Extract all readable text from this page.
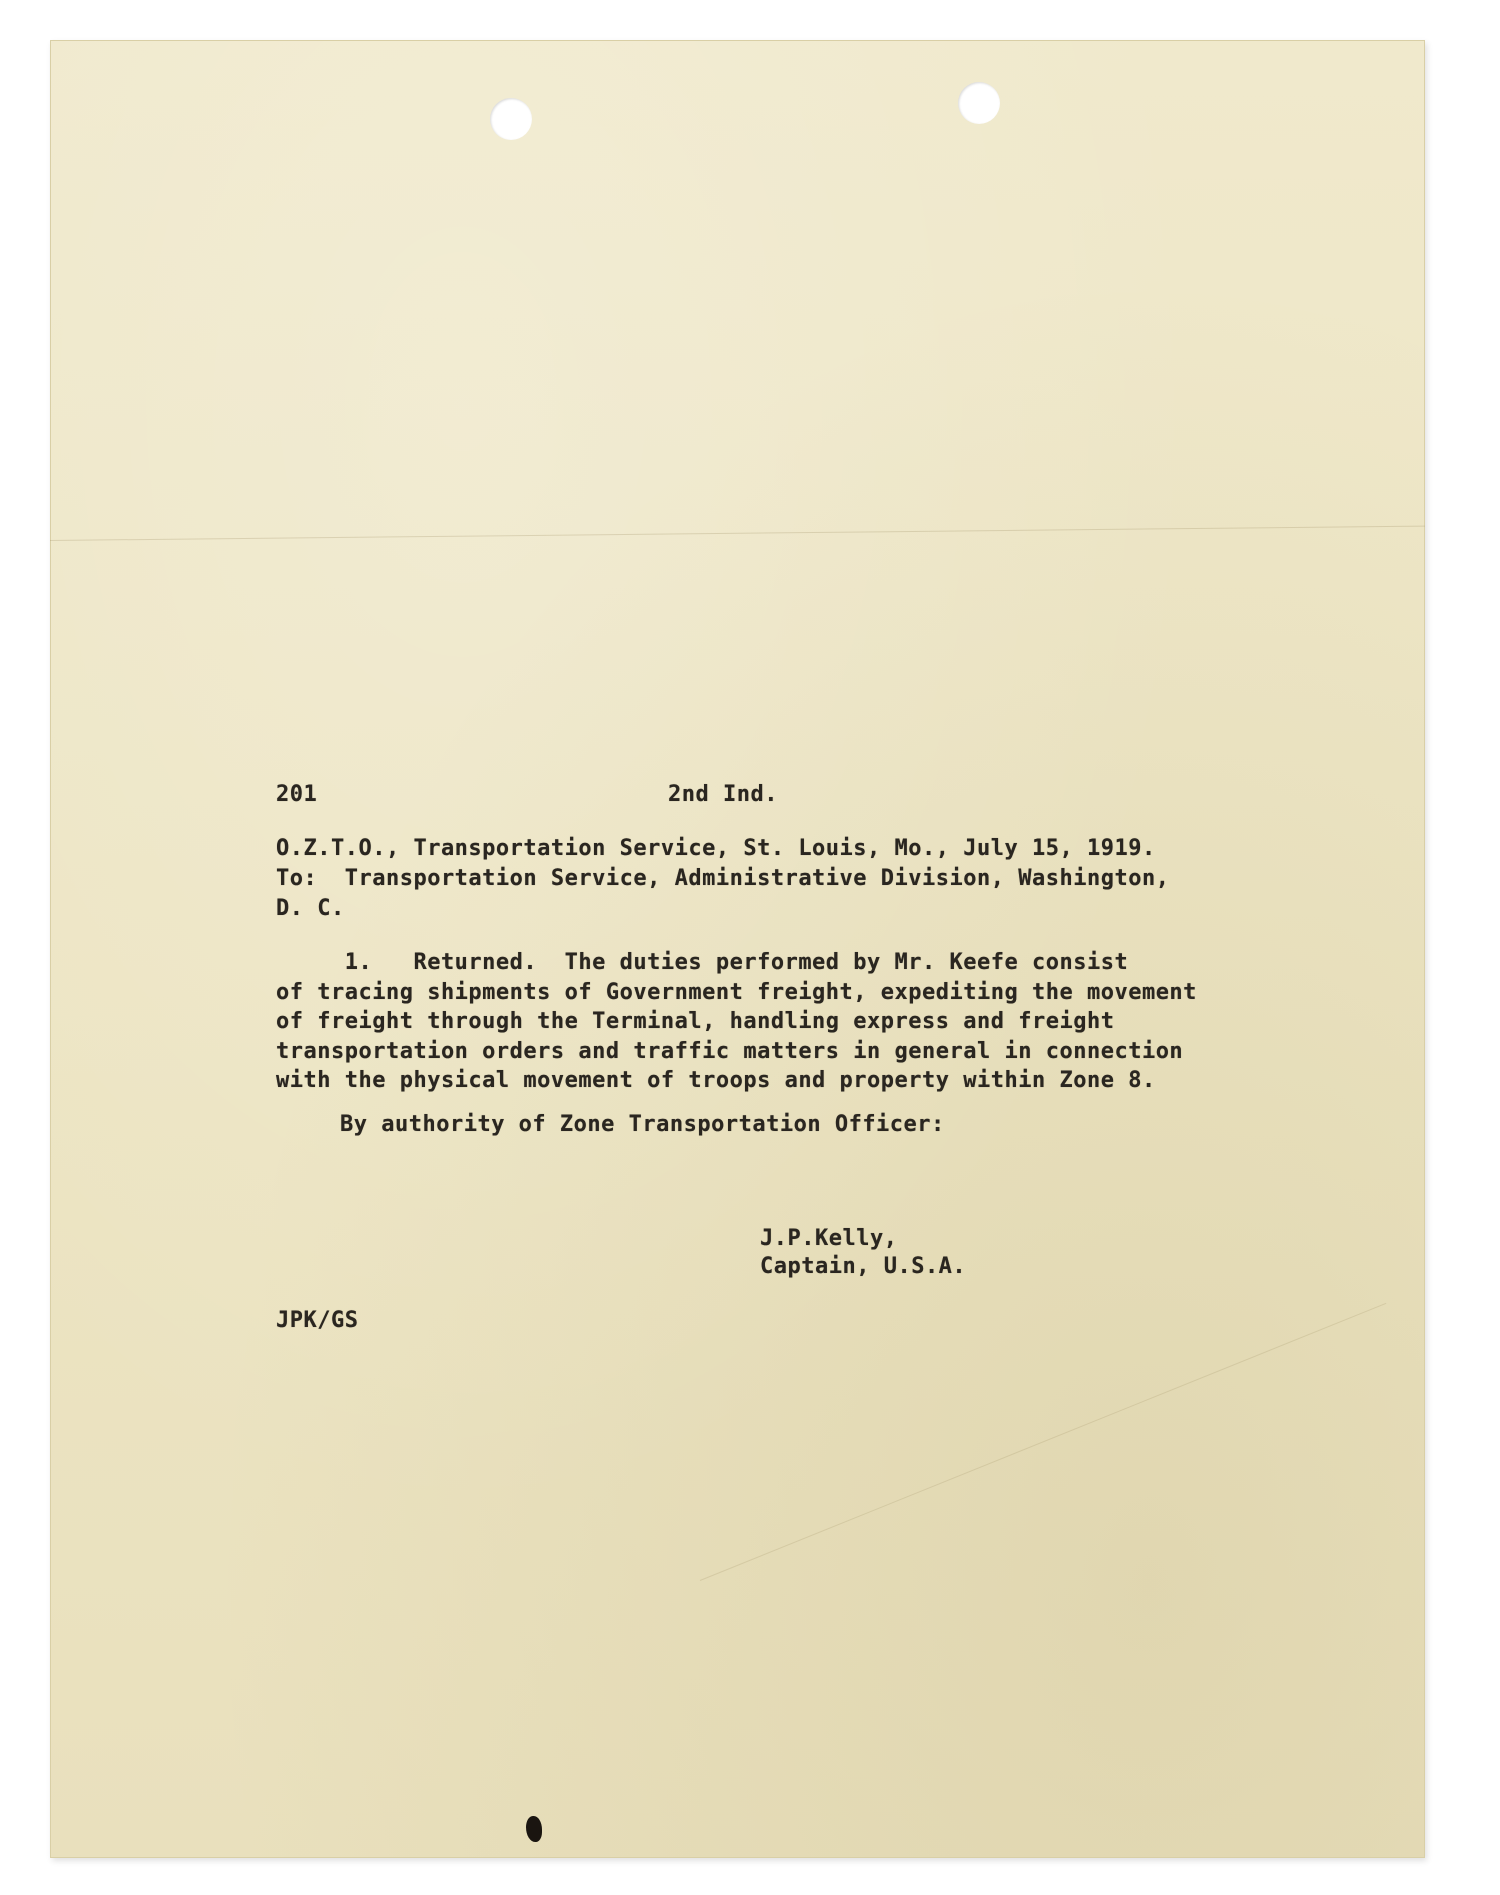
201	2nd Ind.
O.Z.T.O., Transportation Service, St. Louis, Mo., July 15, 1919.
To:  Transportation Service, Administrative Division, Washington,
D. C.
1.   Returned.  The duties performed by Mr. Keefe consist
of tracing shipments of Government freight, expediting the movement
of freight through the Terminal, handling express and freight
transportation orders and traffic matters in general in connection
with the physical movement of troops and property within Zone 8.
By authority of Zone Transportation Officer:
J.P.Kelly,
Captain, U.S.A.
JPK/GS
